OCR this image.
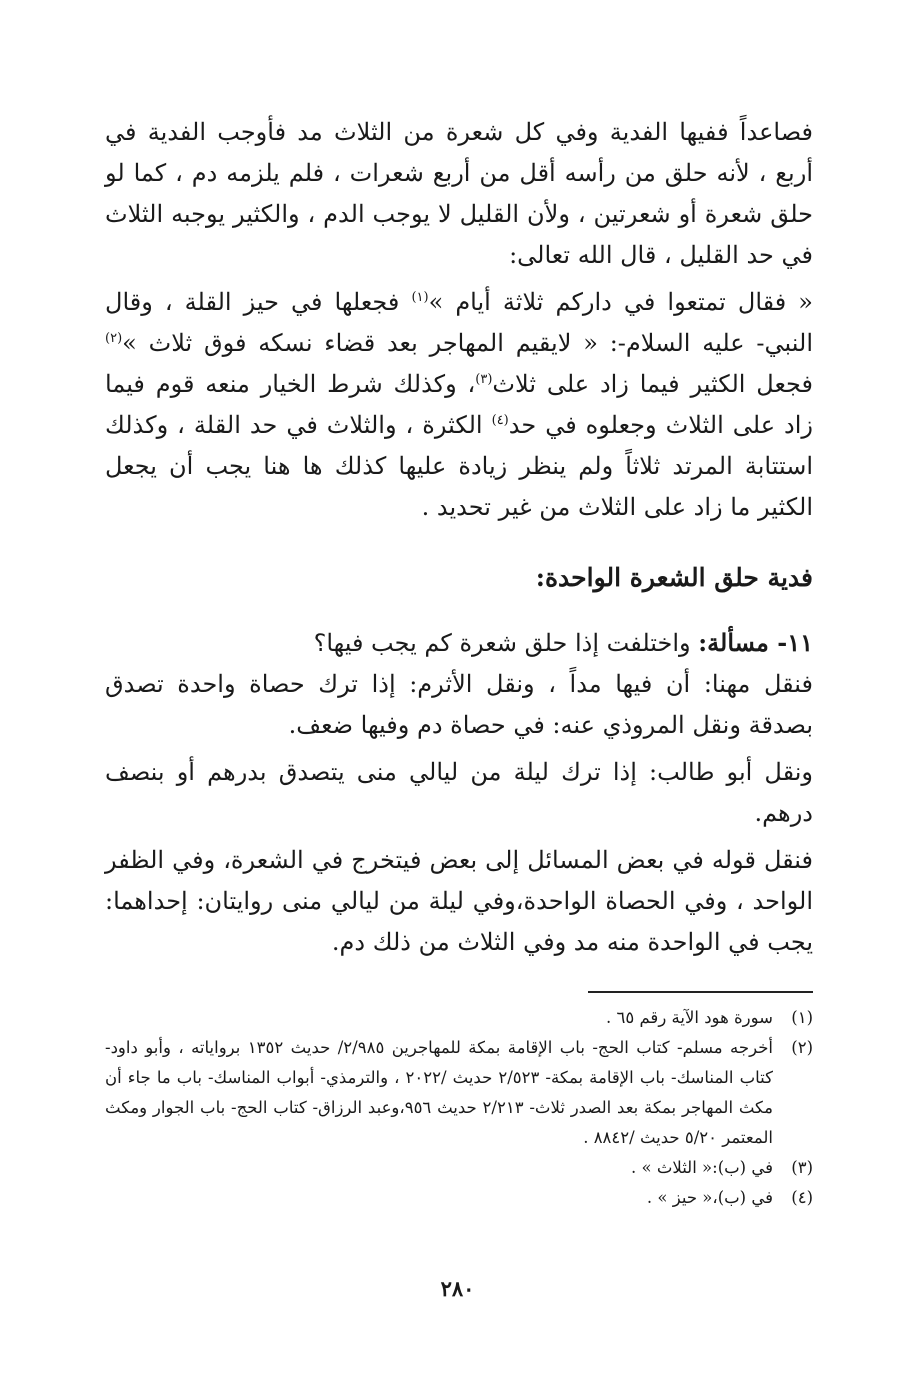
فصاعداً ففيها الفدية وفي كل شعرة من الثلاث مد فأوجب الفدية في أربع ، لأنه حلق من رأسه أقل من أربع شعرات ، فلم يلزمه دم ، كما لو حلق شعرة أو شعرتين ، ولأن القليل لا يوجب الدم ، والكثير يوجبه الثلاث في حد القليل ، قال الله تعالى:

« فقال تمتعوا في داركم ثلاثة أيام »$^{(١)}$ فجعلها في حيز القلة ، وقال النبي- عليه السلام-: « لايقيم المهاجر بعد قضاء نسكه فوق ثلاث »$^{(٢)}$ فجعل الكثير فيما زاد على ثلاث$^{(٣)}$، وكذلك شرط الخيار منعه قوم فيما زاد على الثلاث وجعلوه في حد$^{(٤)}$ الكثرة ، والثلاث في حد القلة ، وكذلك استتابة المرتد ثلاثاً ولم ينظر زيادة عليها كذلك ها هنا يجب أن يجعل الكثير ما زاد على الثلاث من غير تحديد .

فدية حلق الشعرة الواحدة:

١١- مسألة: واختلفت إذا حلق شعرة كم يجب فيها؟

فنقل مهنا: أن فيها مداً ، ونقل الأثرم: إذا ترك حصاة واحدة تصدق بصدقة ونقل المروذي عنه: في حصاة دم وفيها ضعف.

ونقل أبو طالب: إذا ترك ليلة من ليالي منى يتصدق بدرهم أو بنصف درهم.

فنقل قوله في بعض المسائل إلى بعض فيتخرج في الشعرة، وفي الظفر الواحد ، وفي الحصاة الواحدة،وفي ليلة من ليالي منى روايتان: إحداهما: يجب في الواحدة منه مد وفي الثلاث من ذلك دم.

(١)
سورة هود الآية رقم ٦٥ .
(٢)
أخرجه مسلم- كتاب الحج- باب الإقامة بمكة للمهاجرين ٢/٩٨٥/ حديث ١٣٥٢ برواياته ، وأبو داود- كتاب المناسك- باب الإقامة بمكة- ٢/٥٢٣ حديث /٢٠٢٢ ، والترمذي- أبواب المناسك- باب ما جاء أن مكث المهاجر بمكة بعد الصدر ثلاث- ٢/٢١٣ حديث ٩٥٦،وعبد الرزاق- كتاب الحج- باب الجوار ومكث المعتمر ٥/٢٠ حديث /٨٨٤٢ .
(٣)
في (ب):« الثلاث » .
(٤)
في (ب)،« حيز » .
٢٨٠
